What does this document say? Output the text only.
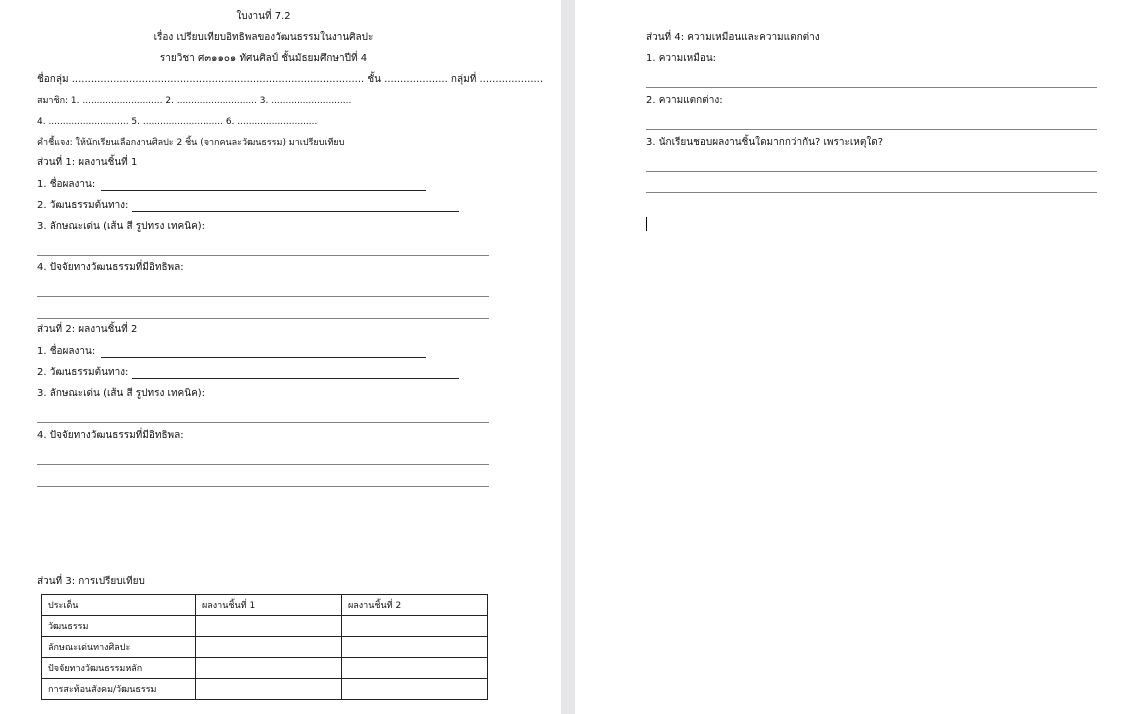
ใบงานที่ 7.2
เรื่อง เปรียบเทียบอิทธิพลของวัฒนธรรมในงานศิลปะ
รายวิชา ศ๓๑๑๐๑ ทัศนศิลป์ ชั้นมัธยมศึกษาปีที่ 4
ชื่อกลุ่ม ............................................................................................ ชั้น .................... กลุ่มที่ ....................
สมาชิก: 1. ............................ 2. ............................ 3. ............................
4. ............................ 5. ............................ 6. ............................
คำชี้แจง: ให้นักเรียนเลือกงานศิลปะ 2 ชิ้น (จากคนละวัฒนธรรม) มาเปรียบเทียบ
ส่วนที่ 1: ผลงานชิ้นที่ 1
1. ชื่อผลงาน:
2. วัฒนธรรมต้นทาง:
3. ลักษณะเด่น (เส้น สี รูปทรง เทคนิค):
4. ปัจจัยทางวัฒนธรรมที่มีอิทธิพล:
ส่วนที่ 2: ผลงานชิ้นที่ 2
1. ชื่อผลงาน:
2. วัฒนธรรมต้นทาง:
3. ลักษณะเด่น (เส้น สี รูปทรง เทคนิค):
4. ปัจจัยทางวัฒนธรรมที่มีอิทธิพล:
ส่วนที่ 3: การเปรียบเทียบ
ประเด็น	ผลงานชิ้นที่ 1	ผลงานชิ้นที่ 2
วัฒนธรรม		
ลักษณะเด่นทางศิลปะ		
ปัจจัยทางวัฒนธรรมหลัก		
การสะท้อนสังคม/วัฒนธรรม		
ส่วนที่ 4: ความเหมือนและความแตกต่าง
1. ความเหมือน:
2. ความแตกต่าง:
3. นักเรียนชอบผลงานชิ้นใดมากกว่ากัน? เพราะเหตุใด?
